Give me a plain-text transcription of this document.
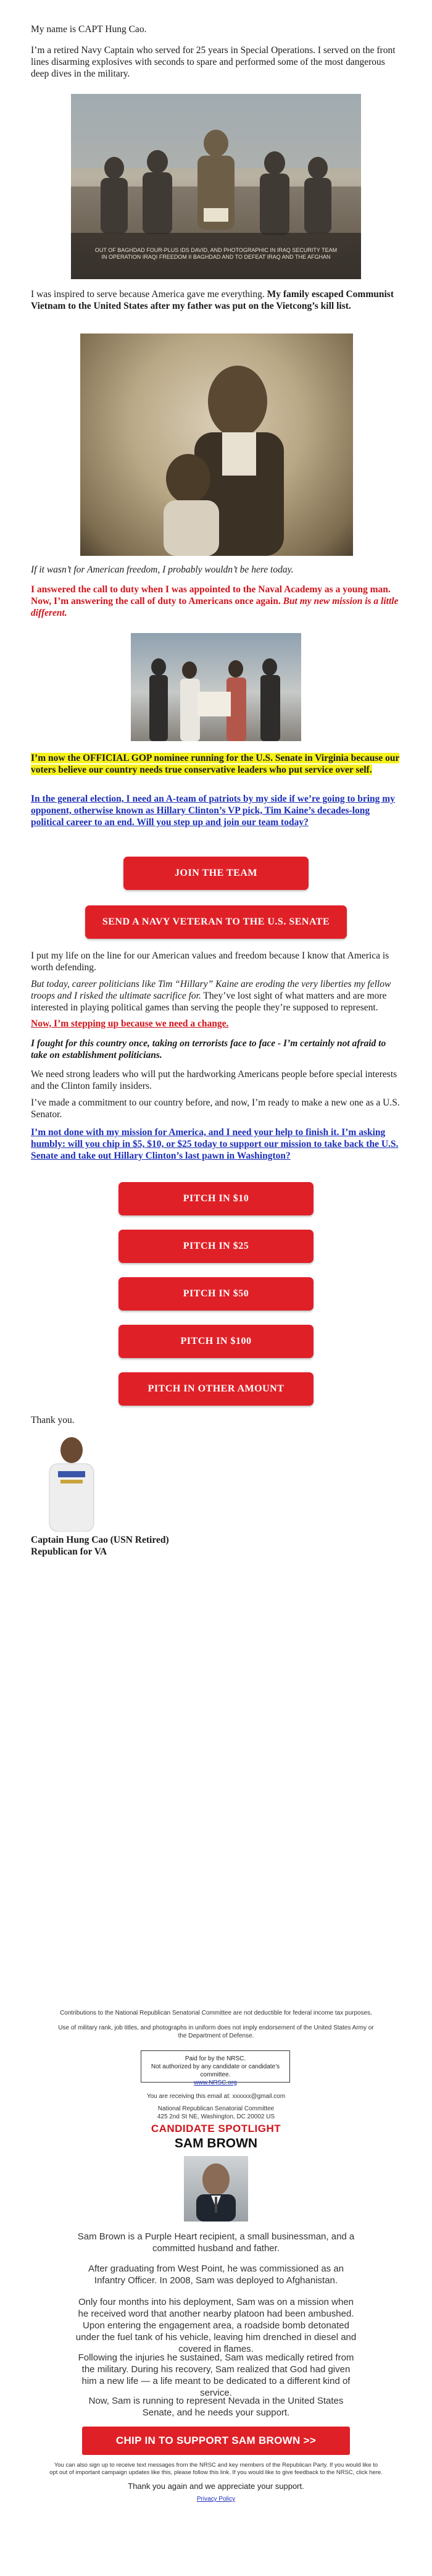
My name is CAPT Hung Cao.

I’m a retired Navy Captain who served for 25 years in Special Operations. I served on the front lines disarming explosives with seconds to spare and performed some of the most dangerous deep dives in the military.

OUT OF BAGHDAD FOUR-PLUS IDS DAVID, AND PHOTOGRAPHIC IN IRAQ SECURITY TEAM
IN OPERATION IRAQI FREEDOM II BAGHDAD AND TO DEFEAT IRAQ AND THE AFGHAN

I was inspired to serve because America gave me everything. My family escaped Communist Vietnam to the United States after my father was put on the Vietcong’s kill list.

If it wasn’t for American freedom, I probably wouldn’t be here today.

I answered the call to duty when I was appointed to the Naval Academy as a young man. Now, I’m answering the call of duty to Americans once again. But my new mission is a little different.

I’m now the OFFICIAL GOP nominee running for the U.S. Senate in Virginia because our voters believe our country needs true conservative leaders who put service over self.

In the general election, I need an A-team of patriots by my side if we’re going to bring my opponent, otherwise known as Hillary Clinton’s VP pick, Tim Kaine’s decades-long political career to an end. Will you step up and join our team today?

JOIN THE TEAM
SEND A NAVY VETERAN TO THE U.S. SENATE

I put my life on the line for our American values and freedom because I know that America is worth defending.

But today, career politicians like Tim “Hillary” Kaine are eroding the very liberties my fellow troops and I risked the ultimate sacrifice for. They’ve lost sight of what matters and are more interested in playing political games than serving the people they’re supposed to represent.

Now, I’m stepping up because we need a change.

I fought for this country once, taking on terrorists face to face - I’m certainly not afraid to take on establishment politicians.

We need strong leaders who will put the hardworking Americans people before special interests and the Clinton family insiders.

I’ve made a commitment to our country before, and now, I’m ready to make a new one as a U.S. Senator.

I’m not done with my mission for America, and I need your help to finish it. I’m asking humbly: will you chip in $5, $10, or $25 today to support our mission to take back the U.S. Senate and take out Hillary Clinton’s last pawn in Washington?

PITCH IN $10
PITCH IN $25
PITCH IN $50
PITCH IN $100
PITCH IN OTHER AMOUNT

Thank you.

Captain Hung Cao (USN Retired)

Republican for VA

Contributions to the National Republican Senatorial Committee are not deductible for federal income tax purposes.
Use of military rank, job titles, and photographs in uniform does not imply endorsement of the United States Army or the Department of Defense.
Paid for by the NRSC.
Not authorized by any candidate or candidate’s committee.
www.NRSC.org
You are receiving this email at: xxxxxx@gmail.com
National Republican Senatorial Committee
425 2nd St NE, Washington, DC 20002 US
CANDIDATE SPOTLIGHT
SAM BROWN
Sam Brown is a Purple Heart recipient, a small businessman, and a committed husband and father.
After graduating from West Point, he was commissioned as an Infantry Officer. In 2008, Sam was deployed to Afghanistan.
Only four months into his deployment, Sam was on a mission when he received word that another nearby platoon had been ambushed. Upon entering the engagement area, a roadside bomb detonated under the fuel tank of his vehicle, leaving him drenched in diesel and covered in flames.
Following the injuries he sustained, Sam was medically retired from the military. During his recovery, Sam realized that God had given him a new life — a life meant to be dedicated to a different kind of service.
Now, Sam is running to represent Nevada in the United States Senate, and he needs your support.
CHIP IN TO SUPPORT SAM BROWN >>
You can also sign up to receive text messages from the NRSC and key members of the Republican Party. If you would like to opt out of important campaign updates like this, please follow this link. If you would like to give feedback to the NRSC, click here.
Thank you again and we appreciate your support.
Privacy Policy
